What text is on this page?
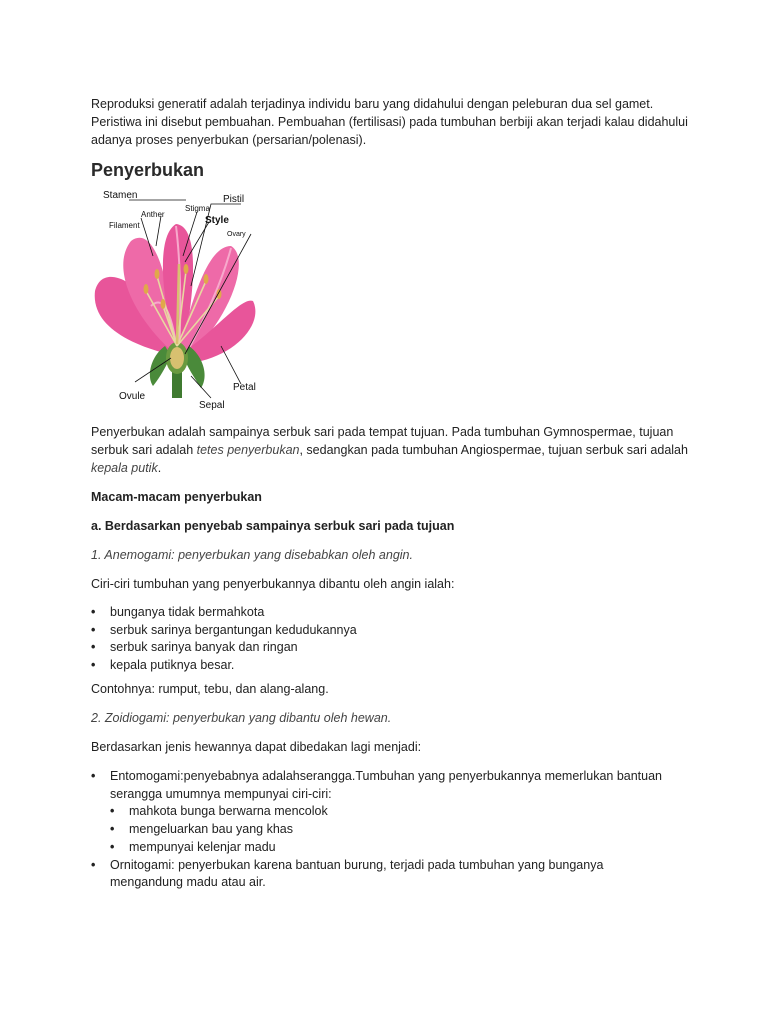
Reproduksi generatif adalah terjadinya individu baru yang didahului dengan peleburan dua sel gamet. Peristiwa ini disebut pembuahan. Pembuahan (fertilisasi) pada tumbuhan berbiji akan terjadi kalau didahului adanya proses penyerbukan (persarian/polenasi).

Penyerbukan
Stamen
Anther
Filament
Stigma
Style
Pistil
Ovary
Ovule
Petal
Sepal

Penyerbukan adalah sampainya serbuk sari pada tempat tujuan. Pada tumbuhan Gymnospermae, tujuan serbuk sari adalah tetes penyerbukan, sedangkan pada tumbuhan Angiospermae, tujuan serbuk sari adalah kepala putik.

Macam-macam penyerbukan

a. Berdasarkan penyebab sampainya serbuk sari pada tujuan

1. Anemogami: penyerbukan yang disebabkan oleh angin.

Ciri-ciri tumbuhan yang penyerbukannya dibantu oleh angin ialah:

• bunganya tidak bermahkota
• serbuk sarinya bergantungan kedudukannya
• serbuk sarinya banyak dan ringan
• kepala putiknya besar.

Contohnya: rumput, tebu, dan alang-alang.

2. Zoidiogami: penyerbukan yang dibantu oleh hewan.

Berdasarkan jenis hewannya dapat dibedakan lagi menjadi:

• Entomogami:penyebabnya adalahserangga.Tumbuhan yang penyerbukannya memerlukan bantuan serangga umumnya mempunyai ciri-ciri:
• mahkota bunga berwarna mencolok
• mengeluarkan bau yang khas
• mempunyai kelenjar madu
• Ornitogami: penyerbukan karena bantuan burung, terjadi pada tumbuhan yang bunganya mengandung madu atau air.
